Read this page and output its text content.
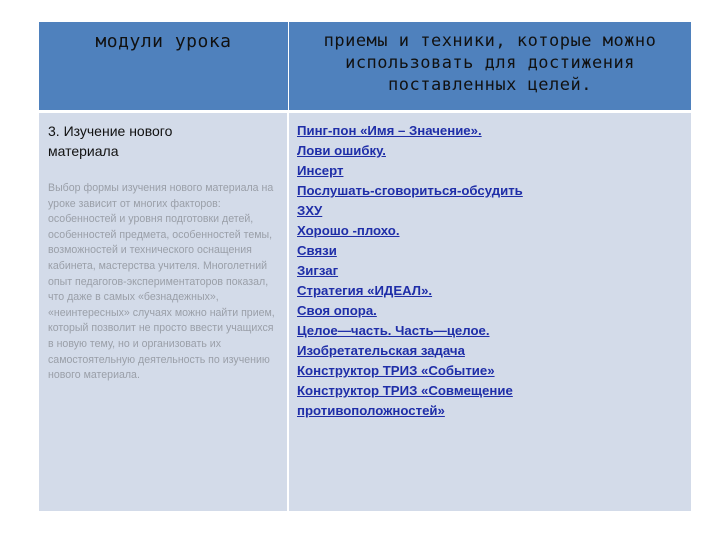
модули урока	приемы и техники, которые можно использовать для достижения поставленных целей.

3. Изучение нового материала

Выбор формы изучения нового материала на уроке зависит от многих факторов: особенностей и уровня подготовки детей, особенностей предмета, особенностей темы, возможностей и технического оснащения кабинета, мастерства учителя. Многолетний опыт педагогов-экспериментаторов показал, что даже в самых «безнадежных», «неинтересных» случаях можно найти прием, который позволит не просто ввести учащихся в новую тему, но и организовать их самостоятельную деятельность по изучению нового материала.

Пинг-пон «Имя – Значение».
Лови ошибку.
Инсерт
Послушать-сговориться-обсудить
ЗХУ
Хорошо -плохо.
Связи
Зигзаг
Стратегия «ИДЕАЛ».
Своя опора.
Целое—часть. Часть—целое.
Изобретательская задача
Конструктор ТРИЗ «Событие»
Конструктор ТРИЗ «Совмещение противоположностей»
